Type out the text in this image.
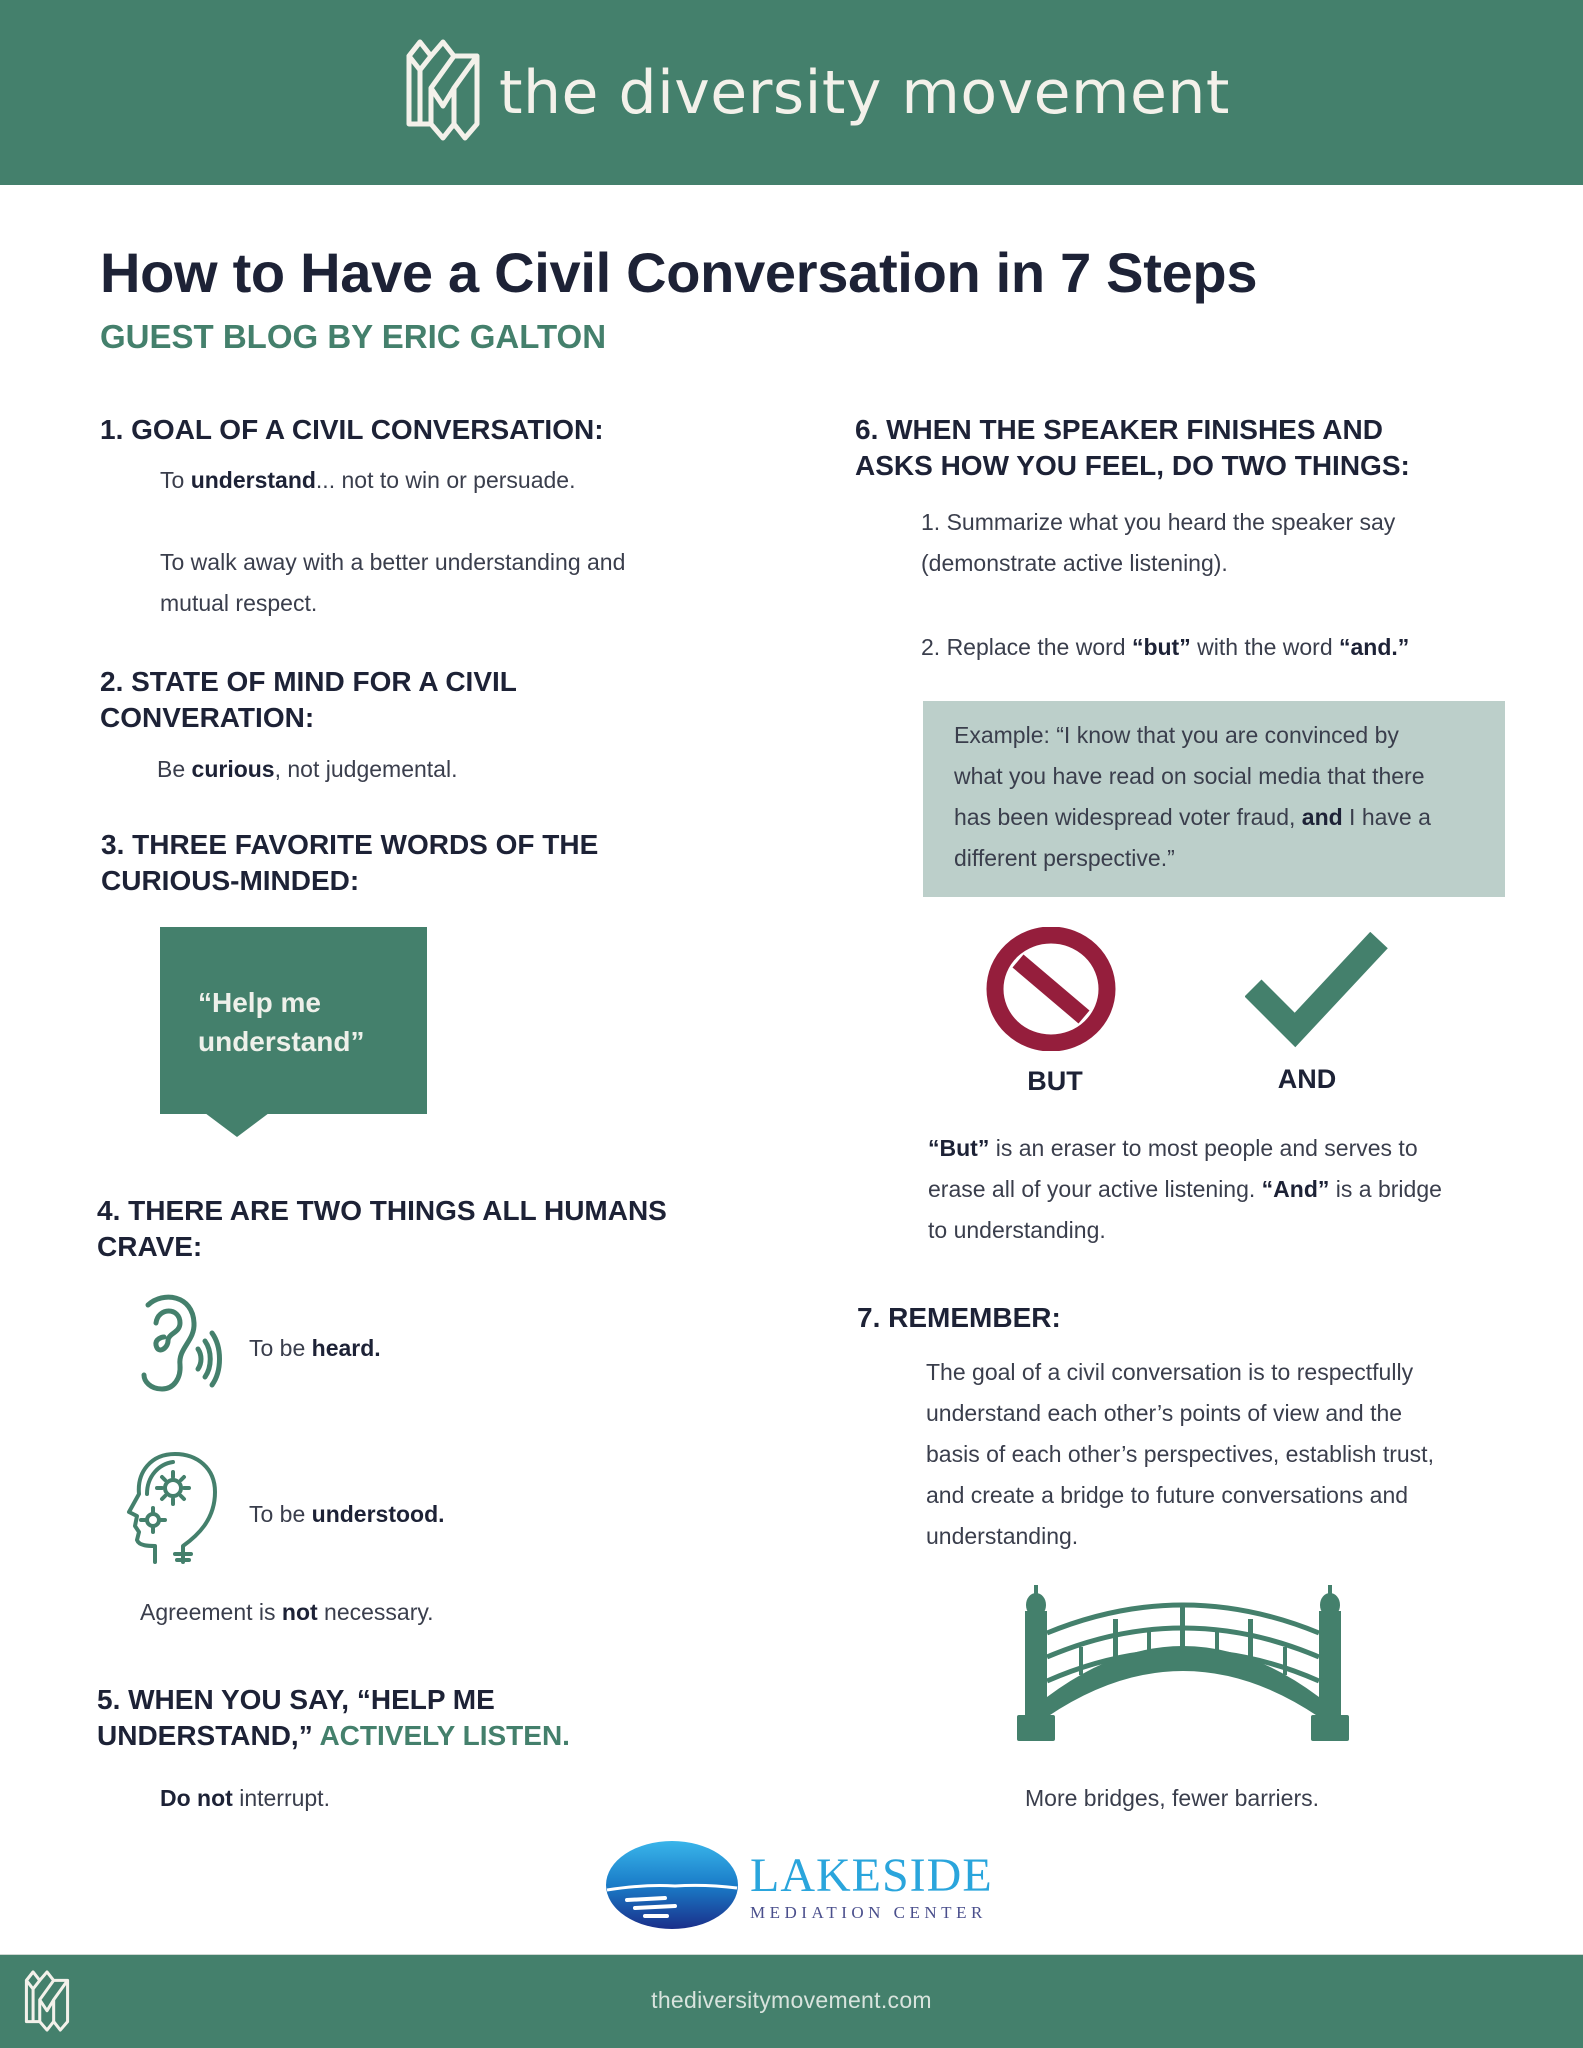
the diversity movement
How to Have a Civil Conversation in 7 Steps
GUEST BLOG BY ERIC GALTON
1. GOAL OF A CIVIL CONVERSATION:
To understand... not to win or persuade.
To walk away with a better understanding and
mutual respect.
2. STATE OF MIND FOR A CIVIL
CONVERATION:
Be curious, not judgemental.
3. THREE FAVORITE WORDS OF THE
CURIOUS-MINDED:
“Help me
understand”
4. THERE ARE TWO THINGS ALL HUMANS
CRAVE:
To be heard.
To be understood.
Agreement is not necessary.
5. WHEN YOU SAY, “HELP ME
UNDERSTAND,” ACTIVELY LISTEN.
Do not interrupt.
6. WHEN THE SPEAKER FINISHES AND
ASKS HOW YOU FEEL, DO TWO THINGS:
1. Summarize what you heard the speaker say
(demonstrate active listening).
2. Replace the word “but” with the word “and.”
Example: “I know that you are convinced by
what you have read on social media that there
has been widespread voter fraud, and I have a
different perspective.”
BUT	AND
“But” is an eraser to most people and serves to
erase all of your active listening. “And” is a bridge
to understanding.
7. REMEMBER:
The goal of a civil conversation is to respectfully
understand each other’s points of view and the
basis of each other’s perspectives, establish trust,
and create a bridge to future conversations and
understanding.
More bridges, fewer barriers.
LAKESIDE
MEDIATION CENTER
thediversitymovement.com
